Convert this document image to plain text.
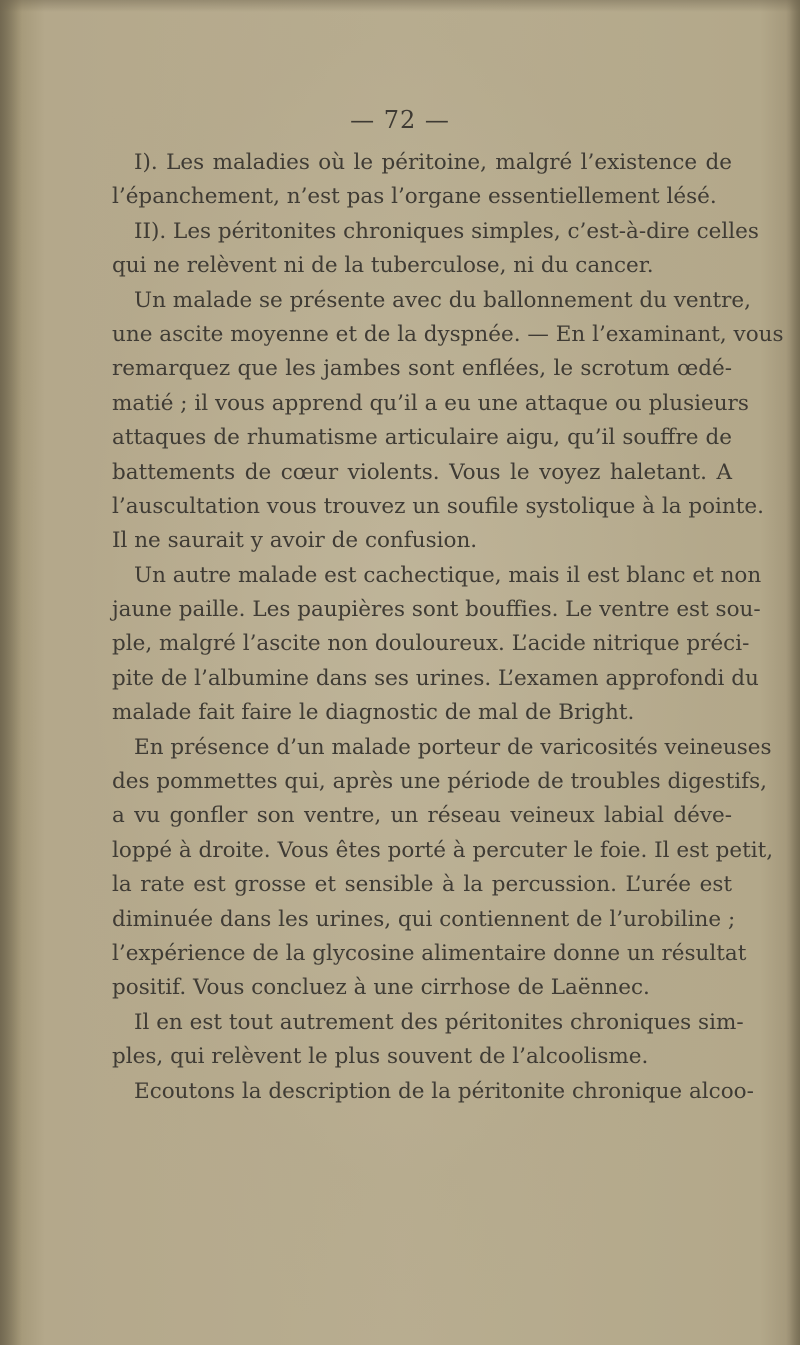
— 72 —
I). Les maladies où le péritoine, malgré l’existence de
l’épanchement, n’est pas l’organe essentiellement lésé.
II). Les péritonites chroniques simples, c’est-à-dire celles
qui ne relèvent ni de la tuberculose, ni du cancer.
Un malade se présente avec du ballonnement du ventre,
une ascite moyenne et de la dyspnée. — En l’examinant, vous
remarquez que les jambes sont enflées, le scrotum œdé-
matié ; il vous apprend qu’il a eu une attaque ou plusieurs
attaques de rhumatisme articulaire aigu, qu’il souffre de
battements de cœur violents. Vous le voyez haletant. A
l’auscultation vous trouvez un soufile systolique à la pointe.
Il ne saurait y avoir de confusion.
Un autre malade est cachectique, mais il est blanc et non
jaune paille. Les paupières sont bouffies. Le ventre est sou-
ple, malgré l’ascite non douloureux. L’acide nitrique préci-
pite de l’albumine dans ses urines. L’examen approfondi du
malade fait faire le diagnostic de mal de Bright.
En présence d’un malade porteur de varicosités veineuses
des pommettes qui, après une période de troubles digestifs,
a vu gonfler son ventre, un réseau veineux labial déve-
loppé à droite. Vous êtes porté à percuter le foie. Il est petit,
la rate est grosse et sensible à la percussion. L’urée est
diminuée dans les urines, qui contiennent de l’urobiline ;
l’expérience de la glycosine alimentaire donne un résultat
positif. Vous concluez à une cirrhose de Laënnec.
Il en est tout autrement des péritonites chroniques sim-
ples, qui relèvent le plus souvent de l’alcoolisme.
Ecoutons la description de la péritonite chronique alcoo-
